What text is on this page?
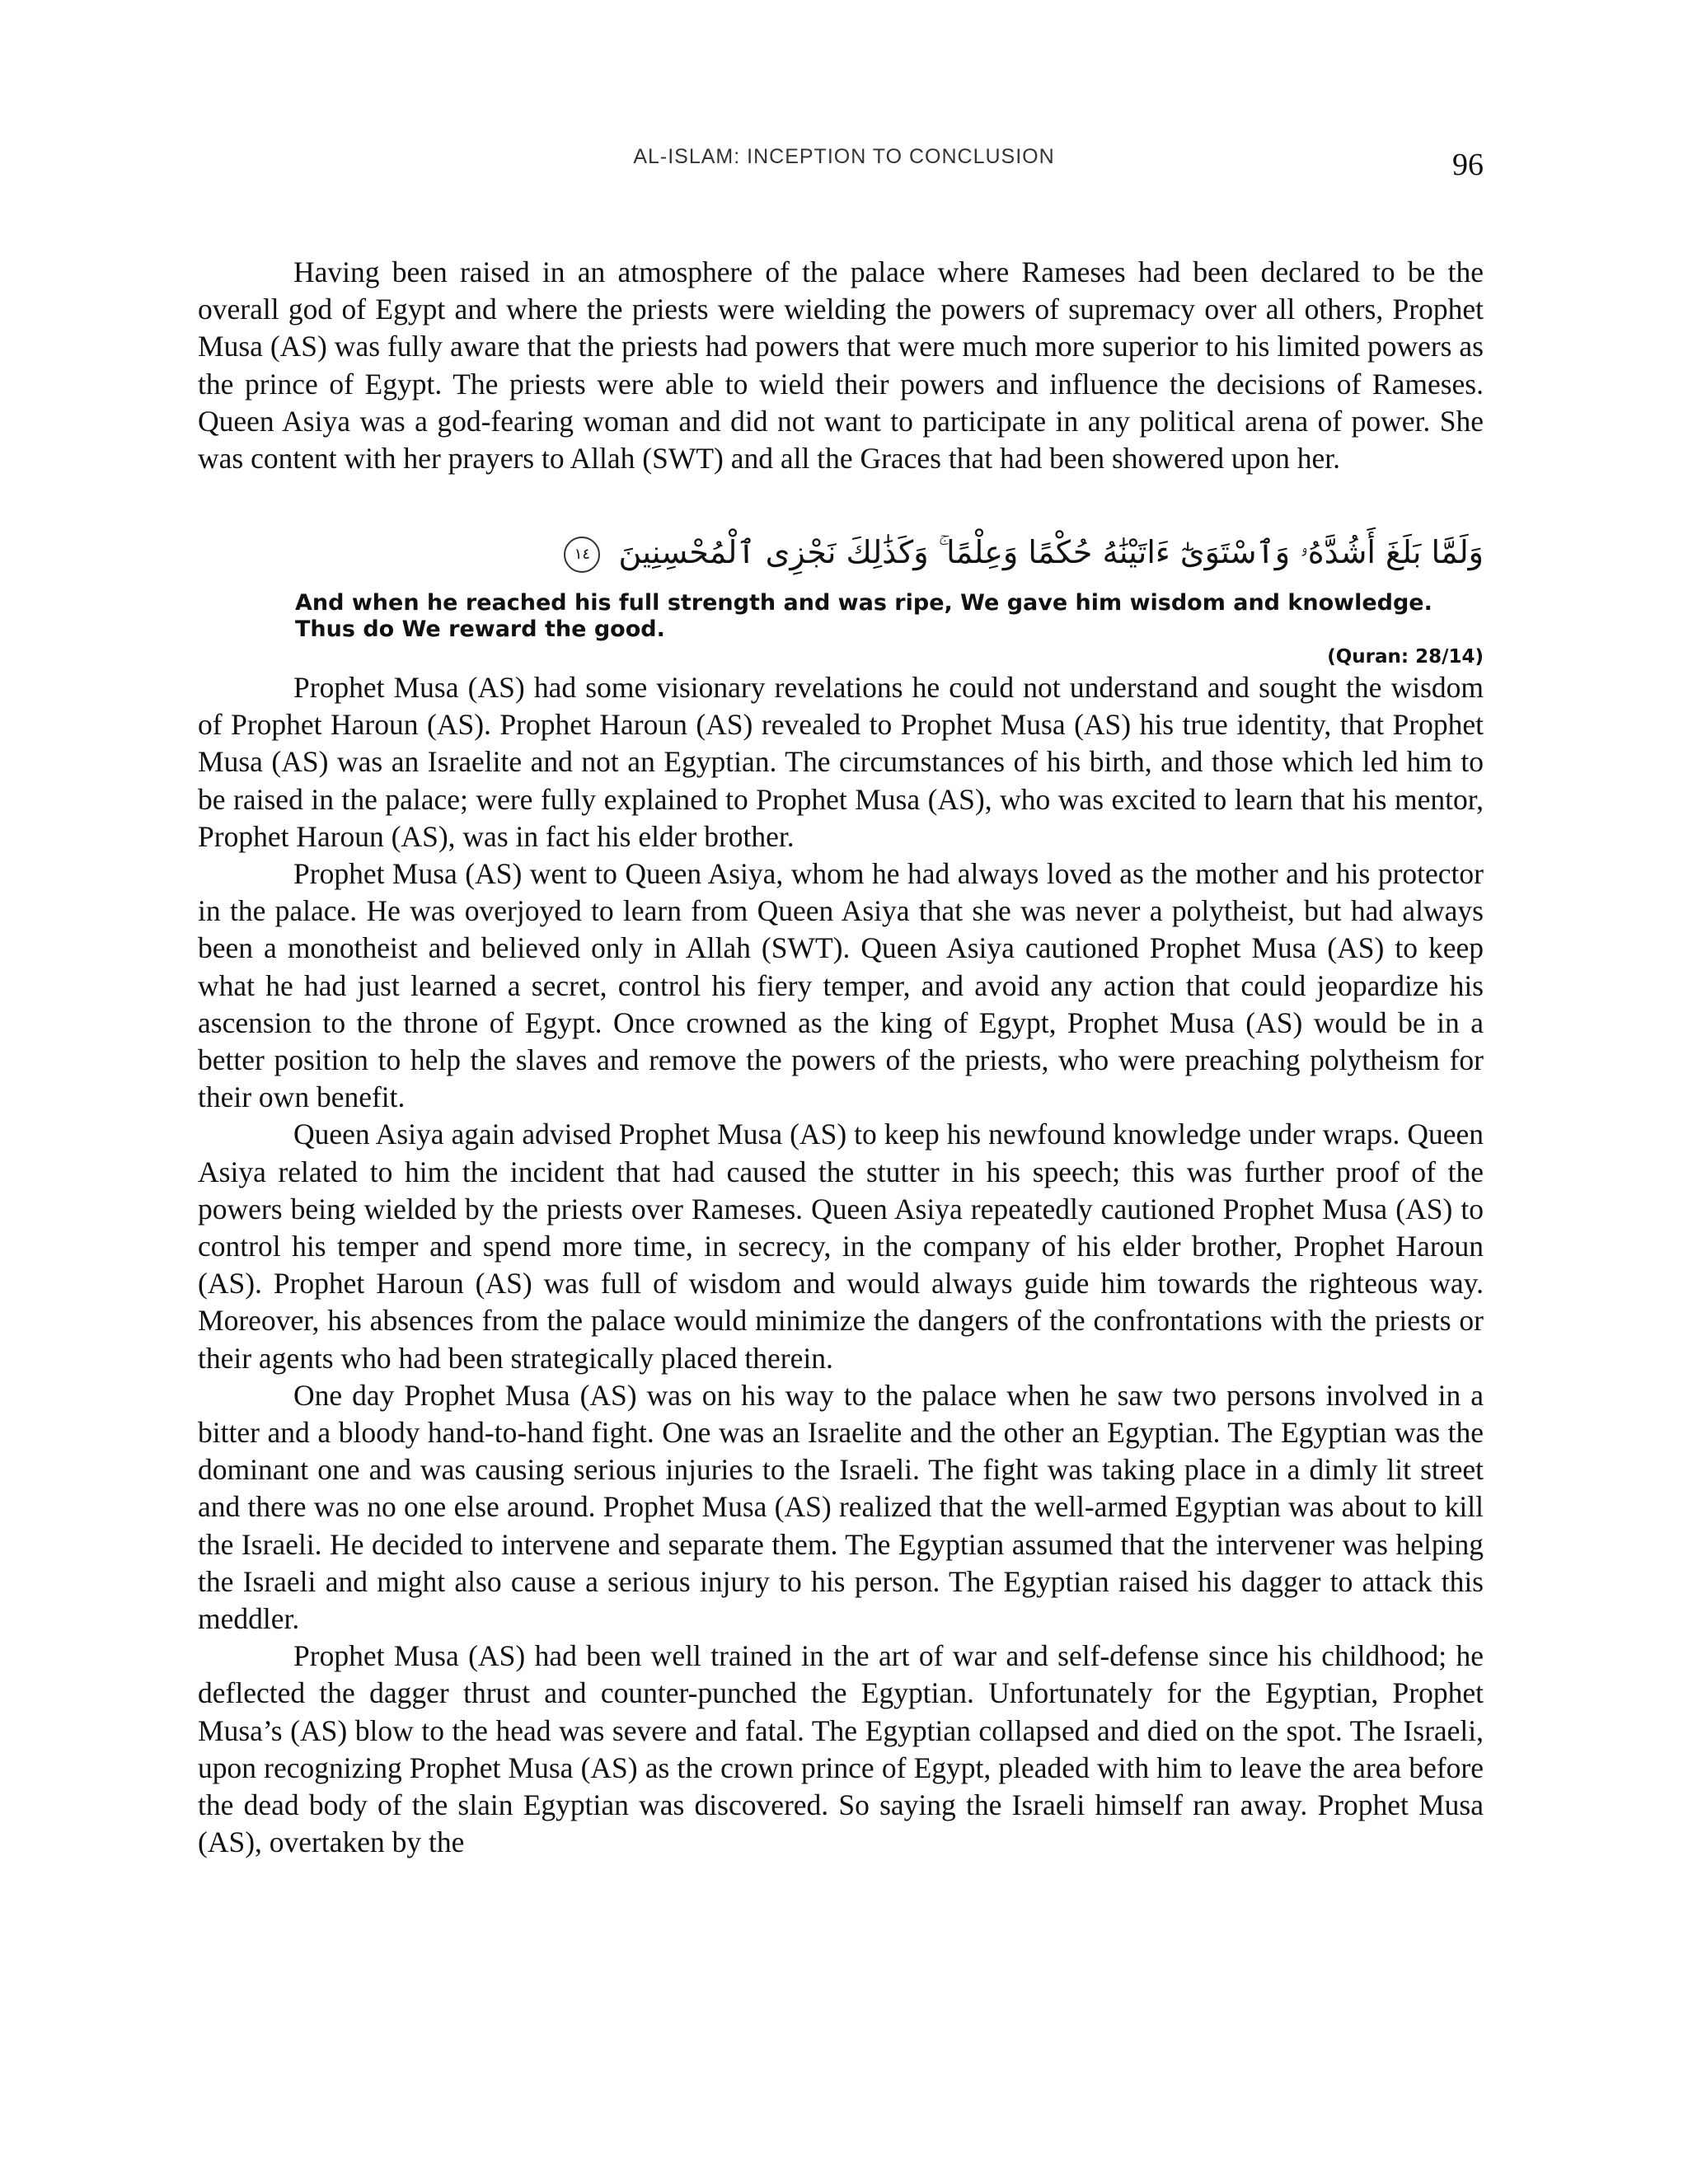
AL-ISLAM: INCEPTION TO CONCLUSION	96

Having been raised in an atmosphere of the palace where Rameses had been declared to be the overall god of Egypt and where the priests were wielding the powers of supremacy over all others, Prophet Musa (AS) was fully aware that the priests had powers that were much more superior to his limited powers as the prince of Egypt. The priests were able to wield their powers and influence the decisions of Rameses. Queen Asiya was a god-fearing woman and did not want to participate in any political arena of power. She was content with her prayers to Allah (SWT) and all the Graces that had been showered upon her.

وَلَمَّا بَلَغَ أَشُدَّهُۥ وَٱسْتَوَىٰٓ ءَاتَيْنَٰهُ حُكْمًا وَعِلْمًا ۚ وَكَذَٰلِكَ نَجْزِى ٱلْمُحْسِنِينَ ١٤
And when he reached his full strength and was ripe, We gave him wisdom and knowledge.
Thus do We reward the good.
(Quran: 28/14)

Prophet Musa (AS) had some visionary revelations he could not understand and sought the wisdom of Prophet Haroun (AS). Prophet Haroun (AS) revealed to Prophet Musa (AS) his true identity, that Prophet Musa (AS) was an Israelite and not an Egyptian. The circumstances of his birth, and those which led him to be raised in the palace; were fully explained to Prophet Musa (AS), who was excited to learn that his mentor, Prophet Haroun (AS), was in fact his elder brother.

Prophet Musa (AS) went to Queen Asiya, whom he had always loved as the mother and his protector in the palace. He was overjoyed to learn from Queen Asiya that she was never a polytheist, but had always been a monotheist and believed only in Allah (SWT). Queen Asiya cautioned Prophet Musa (AS) to keep what he had just learned a secret, control his fiery temper, and avoid any action that could jeopardize his ascension to the throne of Egypt. Once crowned as the king of Egypt, Prophet Musa (AS) would be in a better position to help the slaves and remove the powers of the priests, who were preaching polytheism for their own benefit.

Queen Asiya again advised Prophet Musa (AS) to keep his newfound knowledge under wraps. Queen Asiya related to him the incident that had caused the stutter in his speech; this was further proof of the powers being wielded by the priests over Rameses. Queen Asiya repeatedly cautioned Prophet Musa (AS) to control his temper and spend more time, in secrecy, in the company of his elder brother, Prophet Haroun (AS). Prophet Haroun (AS) was full of wisdom and would always guide him towards the righteous way. Moreover, his absences from the palace would minimize the dangers of the confrontations with the priests or their agents who had been strategically placed therein.

One day Prophet Musa (AS) was on his way to the palace when he saw two persons involved in a bitter and a bloody hand-to-hand fight. One was an Israelite and the other an Egyptian. The Egyptian was the dominant one and was causing serious injuries to the Israeli. The fight was taking place in a dimly lit street and there was no one else around. Prophet Musa (AS) realized that the well-armed Egyptian was about to kill the Israeli. He decided to intervene and separate them. The Egyptian assumed that the intervener was helping the Israeli and might also cause a serious injury to his person. The Egyptian raised his dagger to attack this meddler.

Prophet Musa (AS) had been well trained in the art of war and self-defense since his childhood; he deflected the dagger thrust and counter-punched the Egyptian. Unfortunately for the Egyptian, Prophet Musa’s (AS) blow to the head was severe and fatal. The Egyptian collapsed and died on the spot. The Israeli, upon recognizing Prophet Musa (AS) as the crown prince of Egypt, pleaded with him to leave the area before the dead body of the slain Egyptian was discovered. So saying the Israeli himself ran away. Prophet Musa (AS), overtaken by the
